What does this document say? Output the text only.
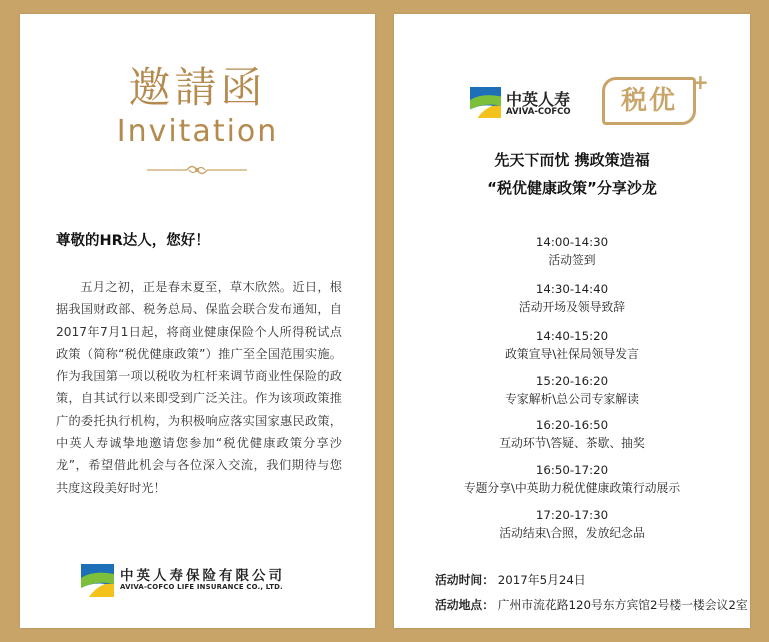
邀請函
Invitation
尊敬的HR达人，您好！
五月之初，正是春末夏至，草木欣然。近日，根据我国财政部、税务总局、保监会联合发布通知，自2017年7月1日起，将商业健康保险个人所得税试点政策（简称“税优健康政策”）推广至全国范围实施。作为我国第一项以税收为杠杆来调节商业性保险的政策，自其试行以来即受到广泛关注。作为该项政策推广的委托执行机构，为积极响应落实国家惠民政策，中英人寿诚挚地邀请您参加“税优健康政策分享沙龙”，希望借此机会与各位深入交流，我们期待与您共度这段美好时光！
中英人寿保险有限公司
AVIVA-COFCO LIFE INSURANCE CO., LTD.
中英人寿
AVIVA-COFCO	税优
+
先天下而忧 携政策造福
“税优健康政策”分享沙龙
14:00-14:30
活动签到
14:30-14:40
活动开场及领导致辞
14:40-15:20
政策宣导\社保局领导发言
15:20-16:20
专家解析\总公司专家解读
16:20-16:50
互动环节\答疑、茶歇、抽奖
16:50-17:20
专题分享\中英助力税优健康政策行动展示
17:20-17:30
活动结束\合照，发放纪念品
活动时间： 2017年5月24日
活动地点： 广州市流花路120号东方宾馆2号楼一楼会议2室
